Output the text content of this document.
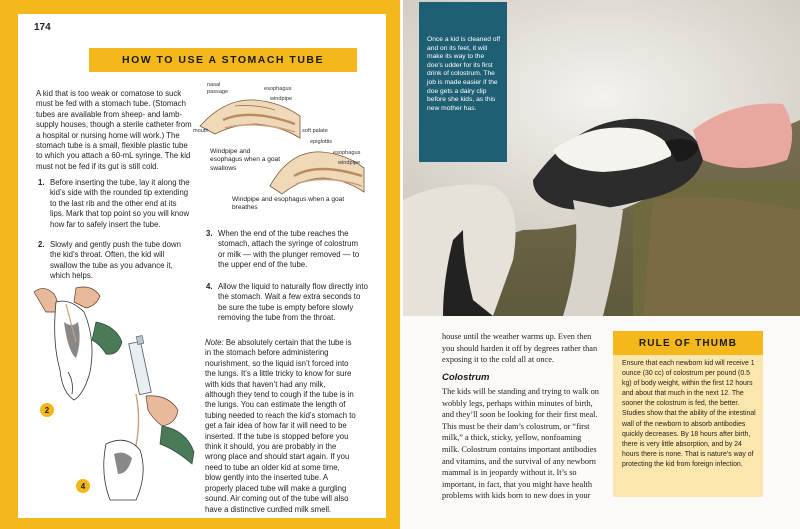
174
HOW TO USE A STOMACH TUBE
A kid that is too weak or comatose to suck must be fed with a stomach tube. (Stomach tubes are available from sheep- and lamb-supply houses, though a sterile catheter from a hospital or nursing home will work.) The stomach tube is a small, flexible plastic tube to which you attach a 60-mL syringe. The kid must not be fed if its gut is still cold.
1. Before inserting the tube, lay it along the kid’s side with the rounded tip extending to the last rib and the other end at its lips. Mark that top point so you will know how far to safely insert the tube.
2. Slowly and gently push the tube down the kid’s throat. Often, the kid will swallow the tube as you advance it, which helps.
3. When the end of the tube reaches the stomach, attach the syringe of colostrum or milk — with the plunger removed — to the upper end of the tube.
4. Allow the liquid to naturally flow directly into the stomach. Wait a few extra seconds to be sure the tube is empty before slowly removing the tube from the throat.
Note: Be absolutely certain that the tube is in the stomach before administering nourishment, so the liquid isn’t forced into the lungs. It’s a little tricky to know for sure with kids that haven’t had any milk, although they tend to cough if the tube is in the lungs. You can estimate the length of tubing needed to reach the kid’s stomach to get a fair idea of how far it will need to be inserted. If the tube is stopped before you think it should, you are probably in the wrong place and should start again. If you need to tube an older kid at some time, blow gently into the inserted tube. A properly placed tube will make a gurgling sound. Air coming out of the tube will also have a distinctive curdled milk smell.
nasal
passage
mouth
esophagus
windpipe
Windpipe and esophagus when a goat swallows
soft palate
epiglottis
esophagus
windpipe
Windpipe and esophagus when a goat breathes
2
4
Once a kid is cleaned off and on its feet, it will make its way to the doe’s udder for its first drink of colostrum. The job is made easier if the doe gets a dairy clip before she kids, as this new mother has.
house until the weather warms up. Even then you should harden it off by degrees rather than exposing it to the cold all at once.
Colostrum
The kids will be standing and trying to walk on wobbly legs, perhaps within minutes of birth, and they’ll soon be looking for their first meal. This must be their dam’s colostrum, or “first milk,” a thick, sticky, yellow, nonfoaming milk. Colostrum contains important antibodies and vitamins, and the survival of any newborn mammal is in jeopardy without it. It’s so important, in fact, that you might have health problems with kids born to new does in your
RULE OF THUMB
Ensure that each newborn kid will receive 1 ounce (30 cc) of colostrum per pound (0.5 kg) of body weight, within the first 12 hours and about that much in the next 12. The sooner the colostrum is fed, the better. Studies show that the ability of the intestinal wall of the newborn to absorb antibodies quickly decreases. By 18 hours after birth, there is very little absorption, and by 24 hours there is none. That is nature’s way of protecting the kid from foreign infection.
